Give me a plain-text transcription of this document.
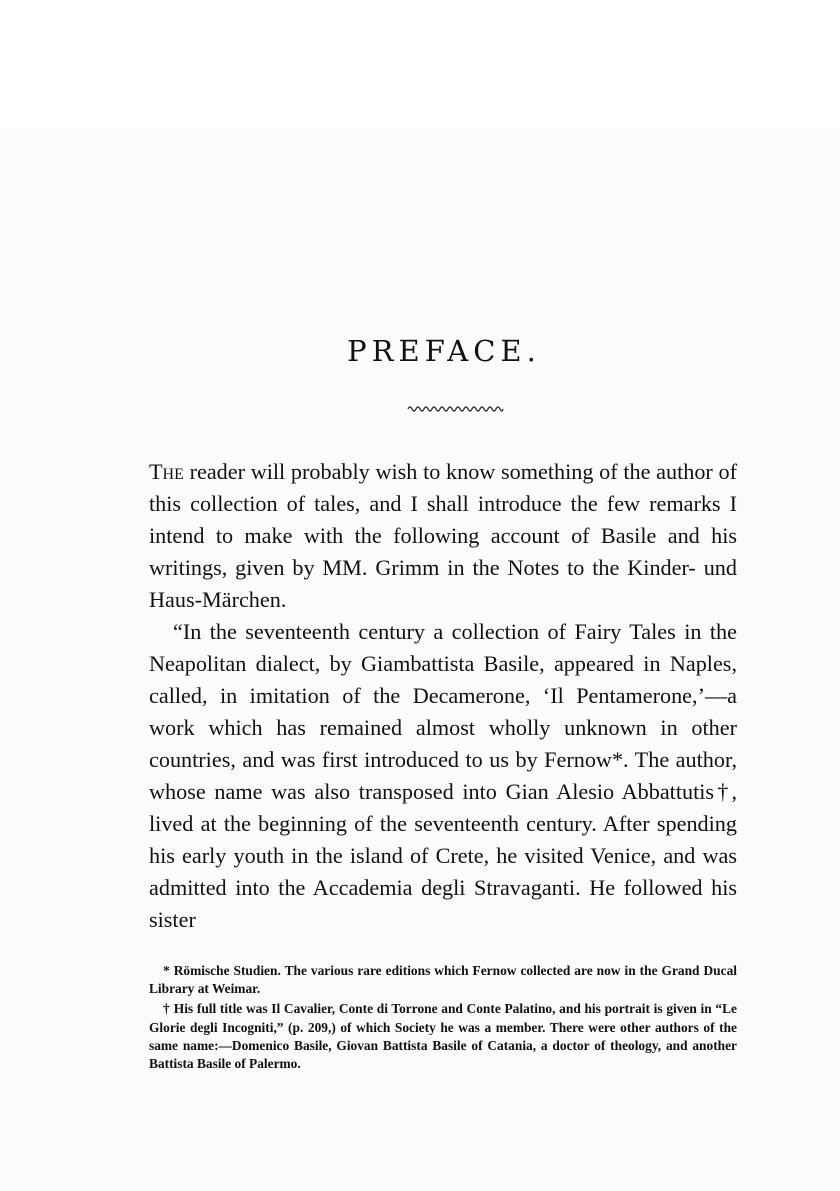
PREFACE.

The reader will probably wish to know something of the author of this collection of tales, and I shall introduce the few remarks I intend to make with the following account of Basile and his writings, given by MM. Grimm in the Notes to the Kinder- und Haus-Märchen.

“In the seventeenth century a collection of Fairy Tales in the Neapolitan dialect, by Giambattista Basile, appeared in Naples, called, in imitation of the Decamerone, ‘Il Pentamerone,’—a work which has remained almost wholly unknown in other countries, and was first introduced to us by Fernow*. The author, whose name was also transposed into Gian Alesio Abbattutis†, lived at the beginning of the seventeenth century. After spending his early youth in the island of Crete, he visited Venice, and was admitted into the Accademia degli Stravaganti. He followed his sister

* Römische Studien. The various rare editions which Fernow collected are now in the Grand Ducal Library at Weimar.

† His full title was Il Cavalier, Conte di Torrone and Conte Palatino, and his portrait is given in “Le Glorie degli Incogniti,” (p. 209,) of which Society he was a member. There were other authors of the same name:—Domenico Basile, Giovan Battista Basile of Catania, a doctor of theology, and another Battista Basile of Palermo.
